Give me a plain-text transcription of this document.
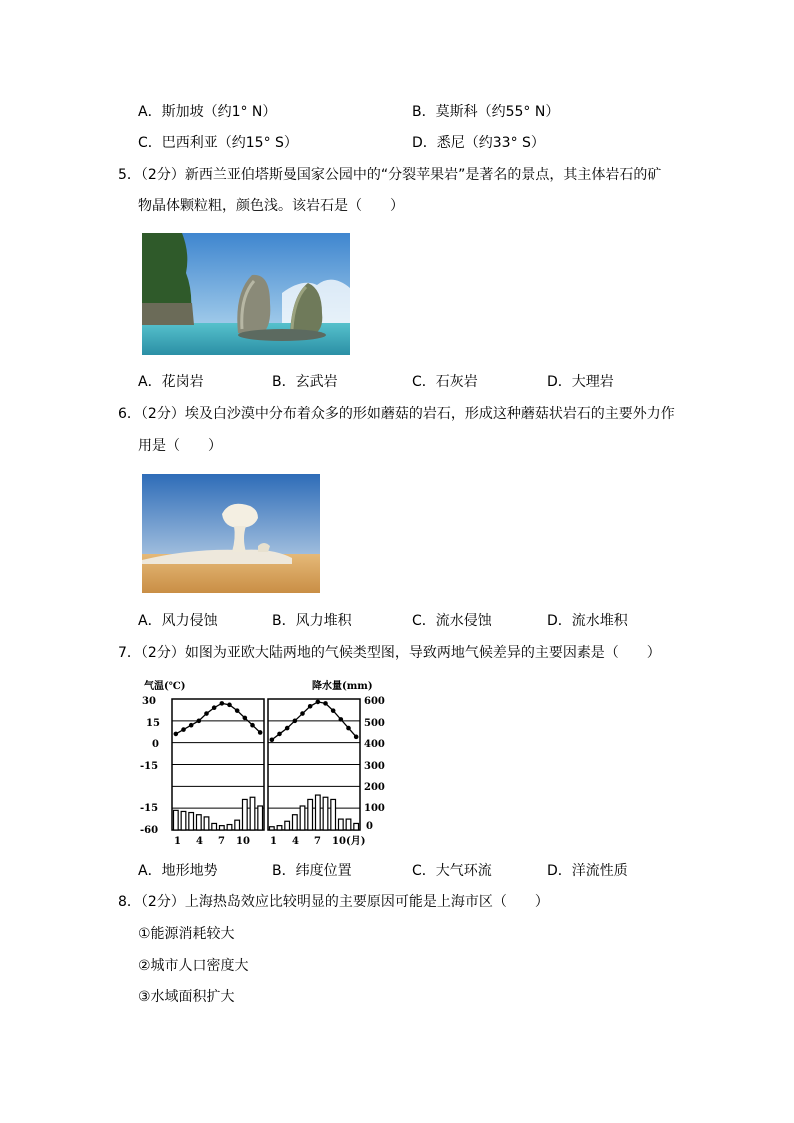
A．斯加坡（约1° N）	B．莫斯科（约55° N）
C．巴西利亚（约15° S）	D．悉尼（约33° S）
5．（2分）新西兰亚伯塔斯曼国家公园中的“分裂苹果岩”是著名的景点，其主体岩石的矿
物晶体颗粒粗，颜色浅。该岩石是（　　）
A．花岗岩	B．玄武岩	C．石灰岩	D．大理岩
6．（2分）埃及白沙漠中分布着众多的形如蘑菇的岩石，形成这种蘑菇状岩石的主要外力作
用是（　　）
A．风力侵蚀	B．风力堆积	C．流水侵蚀	D．流水堆积
7．（2分）如图为亚欧大陆两地的气候类型图，导致两地气候差异的主要因素是（　　）
气温(℃)	降水量(mm)
30
15
0
-15
-15
-60
600
500
400
300
200
100
0
1 4 7 10 1 4 7 10 (月)
A．地形地势	B．纬度位置	C．大气环流	D．洋流性质
8．（2分）上海热岛效应比较明显的主要原因可能是上海市区（　　）
①能源消耗较大
②城市人口密度大
③水域面积扩大
